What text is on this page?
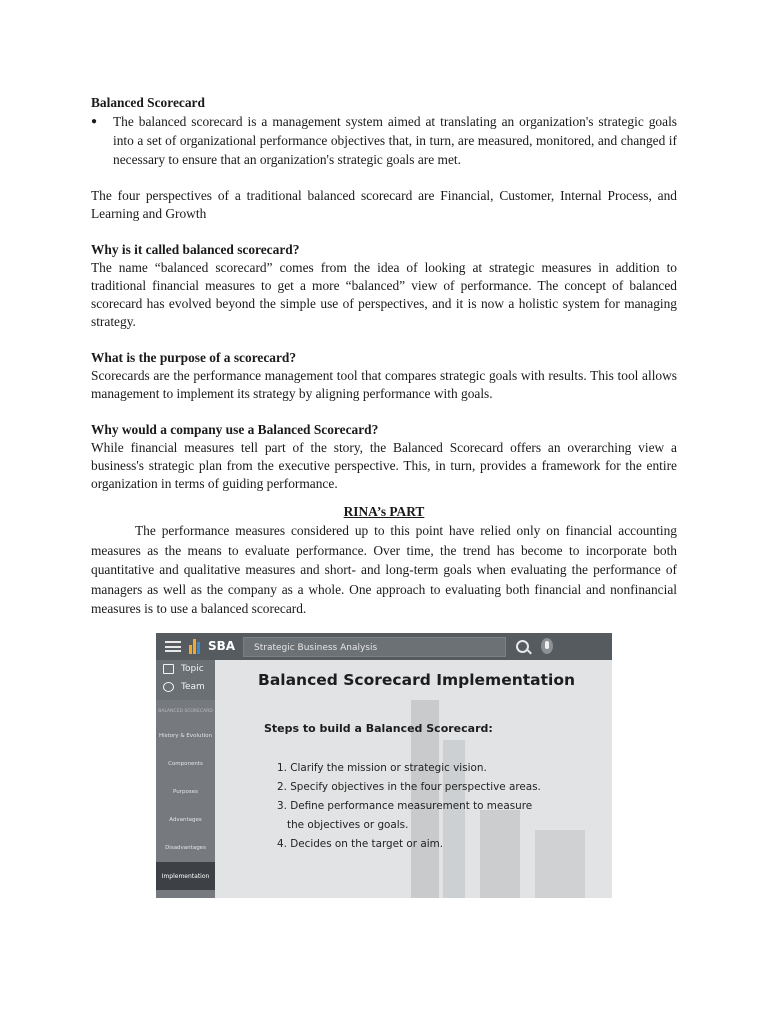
Balanced Scorecard

●	The balanced scorecard is a management system aimed at translating an organization's strategic goals into a set of organizational performance objectives that, in turn, are measured, monitored, and changed if necessary to ensure that an organization's strategic goals are met.

The four perspectives of a traditional balanced scorecard are Financial, Customer, Internal Process, and Learning and Growth

Why is it called balanced scorecard?

The name “balanced scorecard” comes from the idea of looking at strategic measures in addition to traditional financial measures to get a more “balanced” view of performance. The concept of balanced scorecard has evolved beyond the simple use of perspectives, and it is now a holistic system for managing strategy.

What is the purpose of a scorecard?

Scorecards are the performance management tool that compares strategic goals with results. This tool allows management to implement its strategy by aligning performance with goals.

Why would a company use a Balanced Scorecard?

While financial measures tell part of the story, the Balanced Scorecard offers an overarching view a business's strategic plan from the executive perspective. This, in turn, provides a framework for the entire organization in terms of guiding performance.

RINA’s PART

The performance measures considered up to this point have relied only on financial accounting measures as the means to evaluate performance. Over time, the trend has become to incorporate both quantitative and qualitative measures and short- and long-term goals when evaluating the performance of managers as well as the company as a whole. One approach to evaluating both financial and nonfinancial measures is to use a balanced scorecard.

SBA	Strategic Business Analysis
Topic
Team
BALANCED SCORECARD
History & Evolution
Components
Purposes
Advantages
Disadvantages
Implementation
Balanced Scorecard Implementation
Steps to build a Balanced Scorecard:
1. Clarify the mission or strategic vision.
2. Specify objectives in the four perspective areas.
3. Define performance measurement to measure
the objectives or goals.
4. Decides on the target or aim.
